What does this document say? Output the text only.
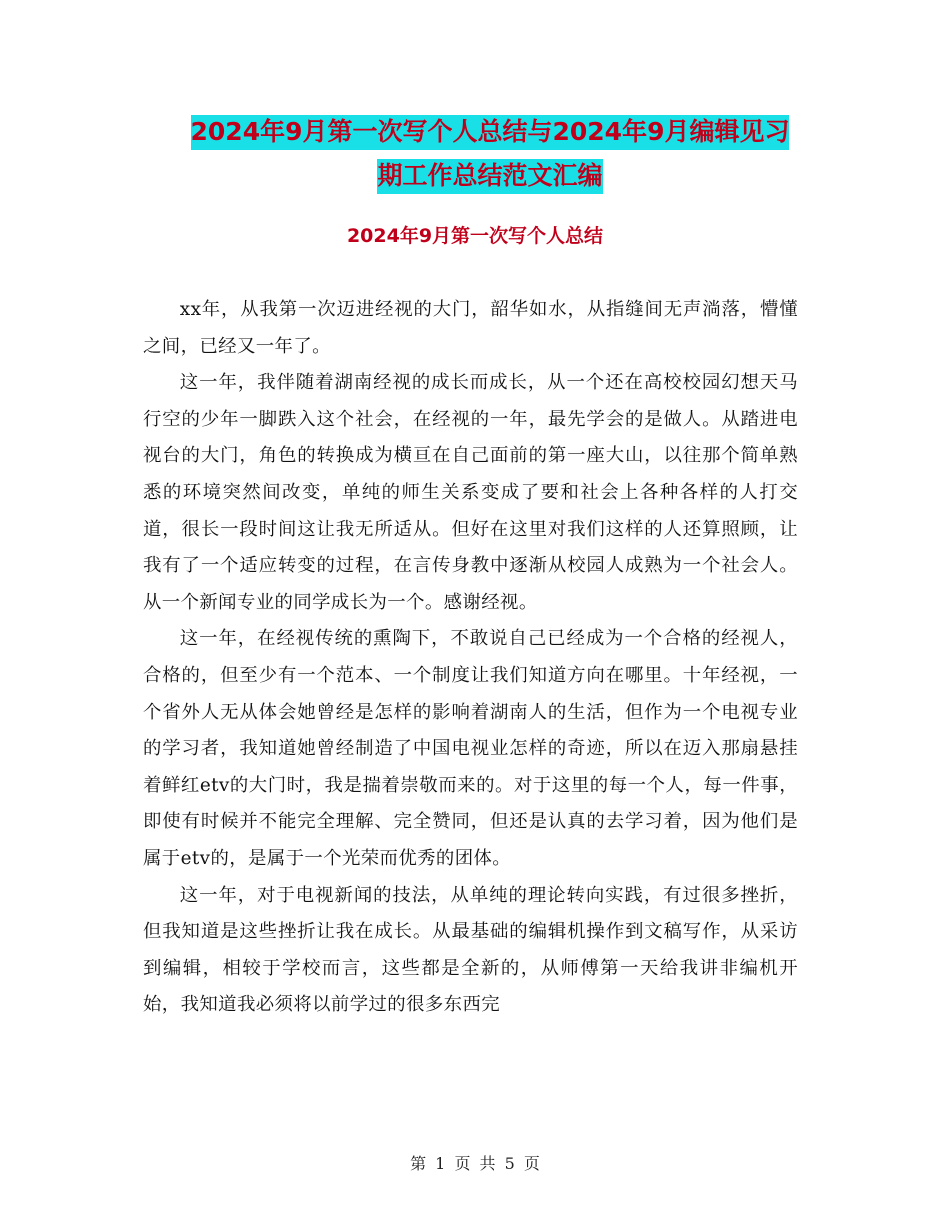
2024年9月第一次写个人总结与2024年9月编辑见习
期工作总结范文汇编
2024年9月第一次写个人总结

xx年，从我第一次迈进经视的大门，韶华如水，从指缝间无声淌落，懵懂之间，已经又一年了。

这一年，我伴随着湖南经视的成长而成长，从一个还在高校校园幻想天马行空的少年一脚跌入这个社会，在经视的一年，最先学会的是做人。从踏进电视台的大门，角色的转换成为横亘在自己面前的第一座大山，以往那个简单熟悉的环境突然间改变，单纯的师生关系变成了要和社会上各种各样的人打交道，很长一段时间这让我无所适从。但好在这里对我们这样的人还算照顾，让我有了一个适应转变的过程，在言传身教中逐渐从校园人成熟为一个社会人。从一个新闻专业的同学成长为一个。感谢经视。

这一年，在经视传统的熏陶下，不敢说自己已经成为一个合格的经视人，合格的，但至少有一个范本、一个制度让我们知道方向在哪里。十年经视，一个省外人无从体会她曾经是怎样的影响着湖南人的生活，但作为一个电视专业的学习者，我知道她曾经制造了中国电视业怎样的奇迹，所以在迈入那扇悬挂着鲜红etv的大门时，我是揣着崇敬而来的。对于这里的每一个人，每一件事，即使有时候并不能完全理解、完全赞同，但还是认真的去学习着，因为他们是属于etv的，是属于一个光荣而优秀的团体。

这一年，对于电视新闻的技法，从单纯的理论转向实践，有过很多挫折，但我知道是这些挫折让我在成长。从最基础的编辑机操作到文稿写作，从采访到编辑，相较于学校而言，这些都是全新的，从师傅第一天给我讲非编机开始，我知道我必须将以前学过的很多东西完

第 1 页 共 5 页
